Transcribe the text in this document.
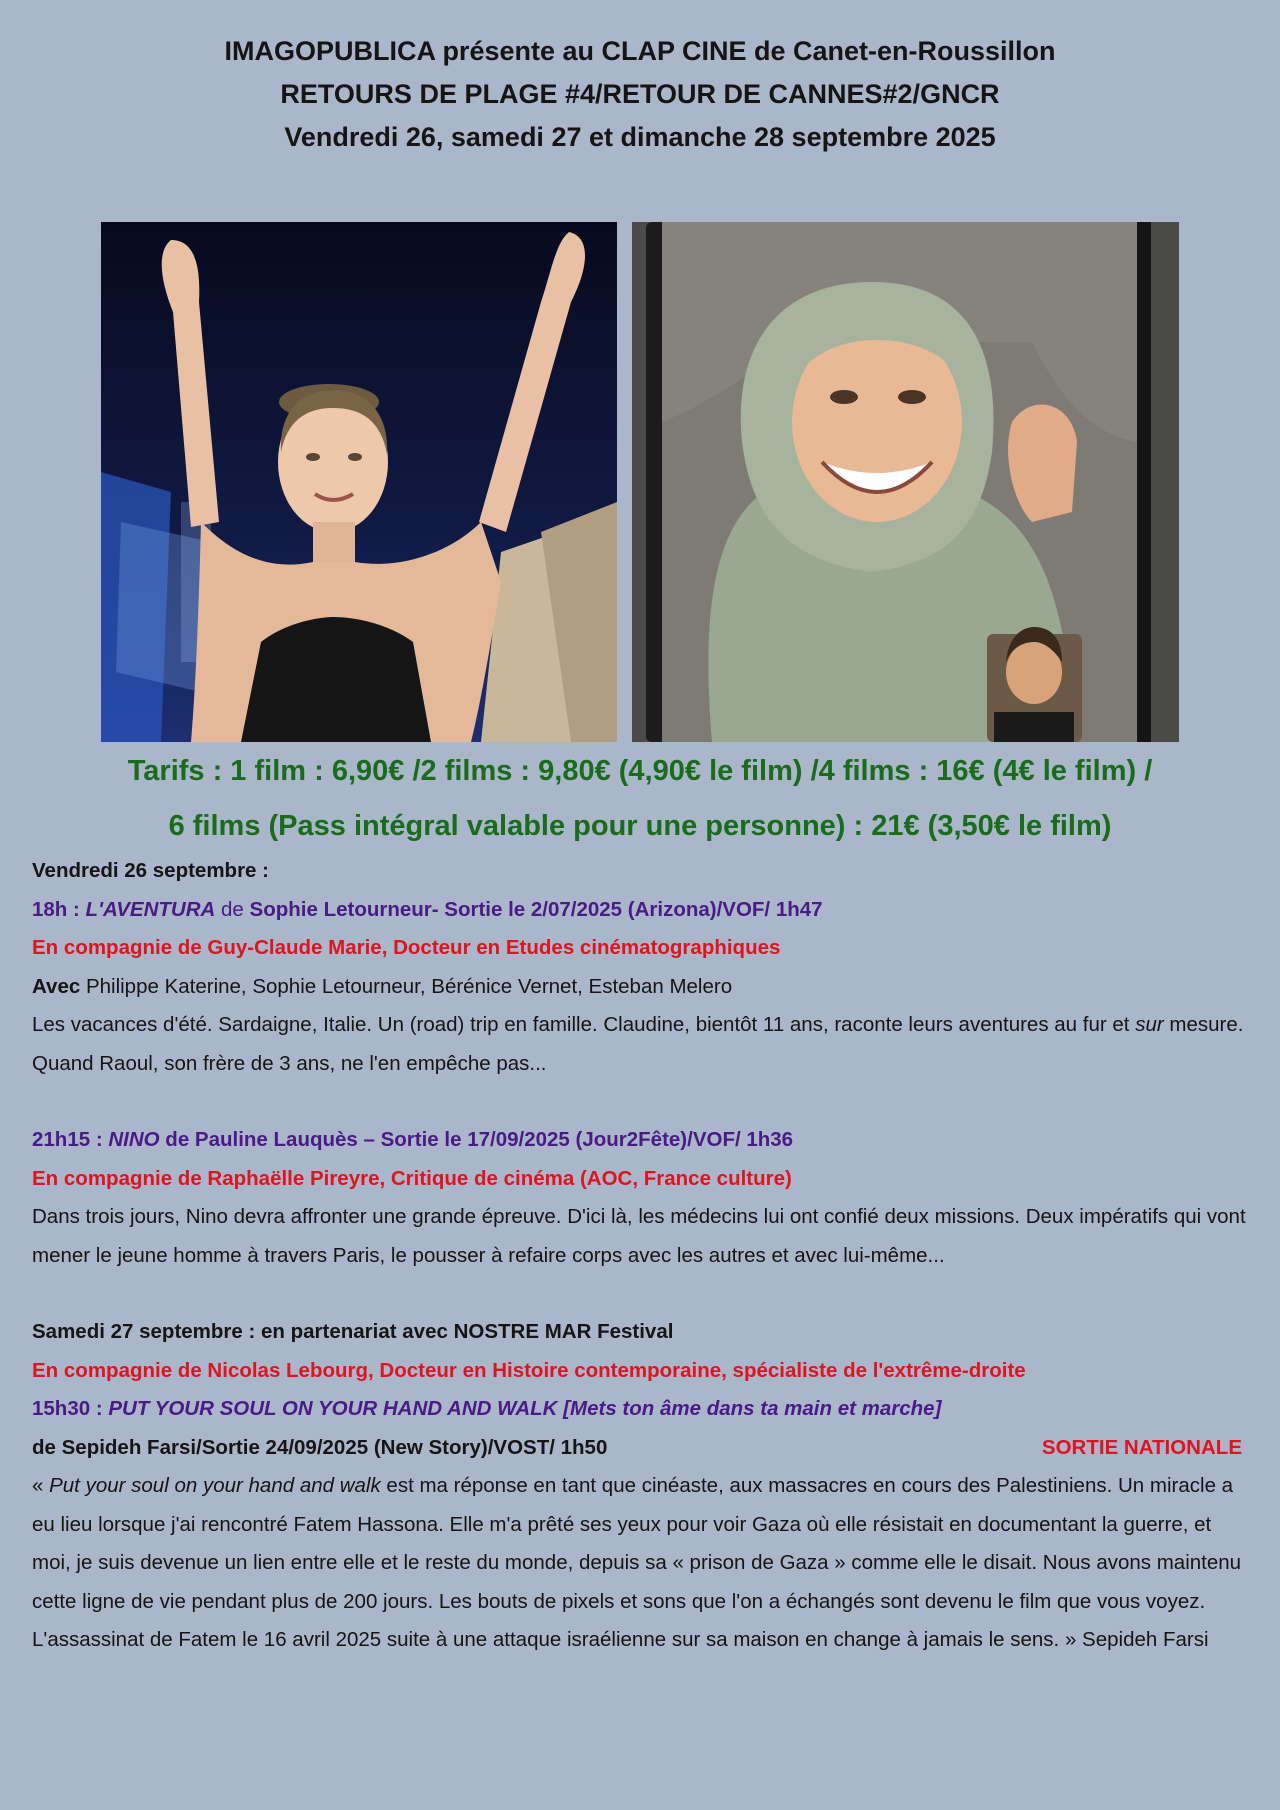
IMAGOPUBLICA présente au CLAP CINE de Canet-en-Roussillon
RETOURS DE PLAGE #4/RETOUR DE CANNES#2/GNCR
Vendredi 26, samedi 27 et dimanche 28 septembre 2025
Tarifs : 1 film : 6,90€ /2 films : 9,80€ (4,90€ le film) /4 films : 16€ (4€ le film) /
6 films (Pass intégral valable pour une personne) : 21€ (3,50€ le film)

Vendredi 26 septembre :

18h : L'AVENTURA de Sophie Letourneur- Sortie le 2/07/2025 (Arizona)/VOF/ 1h47

En compagnie de Guy-Claude Marie, Docteur en Etudes cinématographiques

Avec Philippe Katerine, Sophie Letourneur, Bérénice Vernet, Esteban Melero

Les vacances d'été. Sardaigne, Italie. Un (road) trip en famille. Claudine, bientôt 11 ans, raconte leurs aventures au fur et sur mesure. Quand Raoul, son frère de 3 ans, ne l'en empêche pas...

21h15 : NINO de Pauline Lauquès – Sortie le 17/09/2025 (Jour2Fête)/VOF/ 1h36

En compagnie de Raphaëlle Pireyre, Critique de cinéma (AOC, France culture)

Dans trois jours, Nino devra affronter une grande épreuve. D'ici là, les médecins lui ont confié deux missions. Deux impératifs qui vont mener le jeune homme à travers Paris, le pousser à refaire corps avec les autres et avec lui-même...

Samedi 27 septembre : en partenariat avec NOSTRE MAR Festival

En compagnie de Nicolas Lebourg, Docteur en Histoire contemporaine, spécialiste de l'extrême-droite

15h30 : PUT YOUR SOUL ON YOUR HAND AND WALK [Mets ton âme dans ta main et marche]

de Sepideh Farsi/Sortie 24/09/2025 (New Story)/VOST/ 1h50	SORTIE NATIONALE

« Put your soul on your hand and walk est ma réponse en tant que cinéaste, aux massacres en cours des Palestiniens. Un miracle a eu lieu lorsque j'ai rencontré Fatem Hassona. Elle m'a prêté ses yeux pour voir Gaza où elle résistait en documentant la guerre, et moi, je suis devenue un lien entre elle et le reste du monde, depuis sa « prison de Gaza » comme elle le disait. Nous avons maintenu cette ligne de vie pendant plus de 200 jours. Les bouts de pixels et sons que l'on a échangés sont devenu le film que vous voyez. L'assassinat de Fatem le 16 avril 2025 suite à une attaque israélienne sur sa maison en change à jamais le sens. » Sepideh Farsi
